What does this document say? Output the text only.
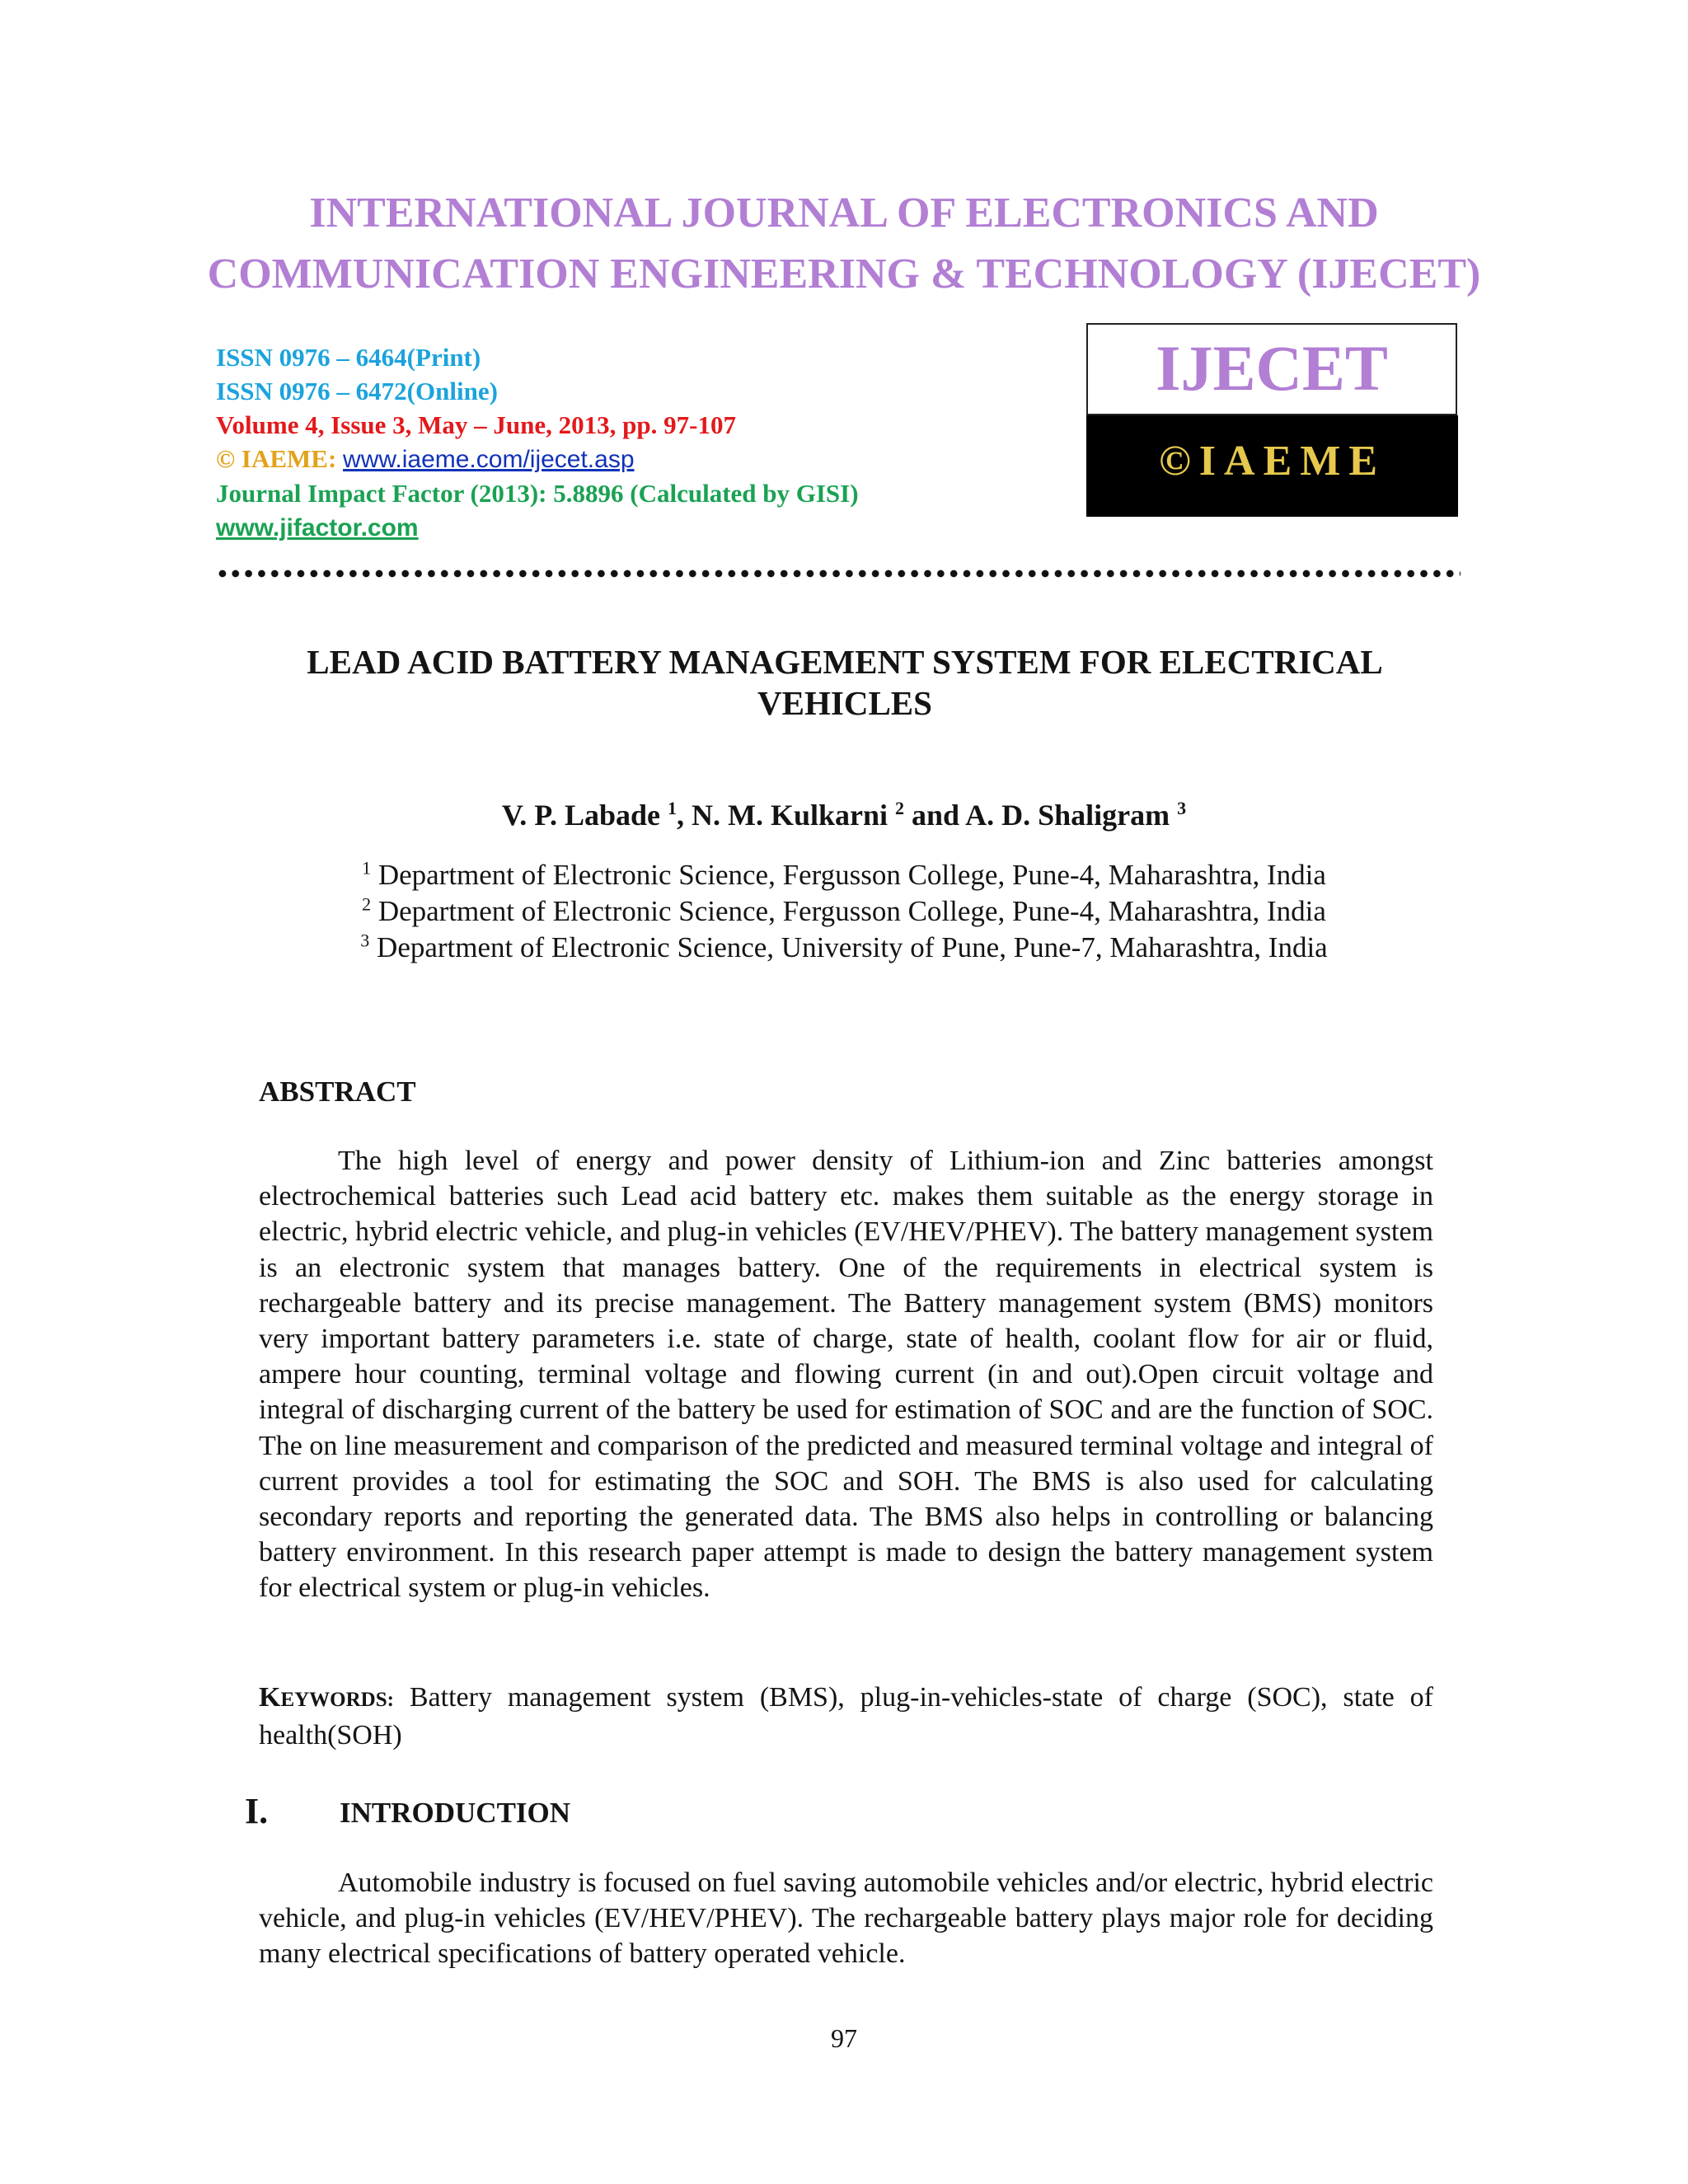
INTERNATIONAL JOURNAL OF ELECTRONICS AND
COMMUNICATION ENGINEERING & TECHNOLOGY (IJECET)
ISSN 0976 – 6464(Print)
ISSN 0976 – 6472(Online)
Volume 4, Issue 3, May – June, 2013, pp. 97-107
© IAEME: www.iaeme.com/ijecet.asp
Journal Impact Factor (2013): 5.8896 (Calculated by GISI)
www.jifactor.com
IJECET
©IAEME
LEAD ACID BATTERY MANAGEMENT SYSTEM FOR ELECTRICAL
VEHICLES
V. P. Labade $^1$, N. M. Kulkarni $^2$ and A. D. Shaligram $^3$
$^1$ Department of Electronic Science, Fergusson College, Pune-4, Maharashtra, India
$^2$ Department of Electronic Science, Fergusson College, Pune-4, Maharashtra, India
$^3$ Department of Electronic Science, University of Pune, Pune-7, Maharashtra, India
ABSTRACT
The high level of energy and power density of Lithium-ion and Zinc batteries amongst electrochemical batteries such Lead acid battery etc. makes them suitable as the energy storage in electric, hybrid electric vehicle, and plug-in vehicles (EV/HEV/PHEV). The battery management system is an electronic system that manages battery. One of the requirements in electrical system is rechargeable battery and its precise management. The Battery management system (BMS) monitors very important battery parameters i.e. state of charge, state of health, coolant flow for air or fluid, ampere hour counting, terminal voltage and flowing current (in and out).Open circuit voltage and integral of discharging current of the battery be used for estimation of SOC and are the function of SOC. The on line measurement and comparison of the predicted and measured terminal voltage and integral of current provides a tool for estimating the SOC and SOH. The BMS is also used for calculating secondary reports and reporting the generated data. The BMS also helps in controlling or balancing battery environment. In this research paper attempt is made to design the battery management system for electrical system or plug-in vehicles.
KEYWORDS: Battery management system (BMS), plug-in-vehicles-state of charge (SOC), state of health(SOH)
I. INTRODUCTION
Automobile industry is focused on fuel saving automobile vehicles and/or electric, hybrid electric vehicle, and plug-in vehicles (EV/HEV/PHEV). The rechargeable battery plays major role for deciding many electrical specifications of battery operated vehicle.
97
